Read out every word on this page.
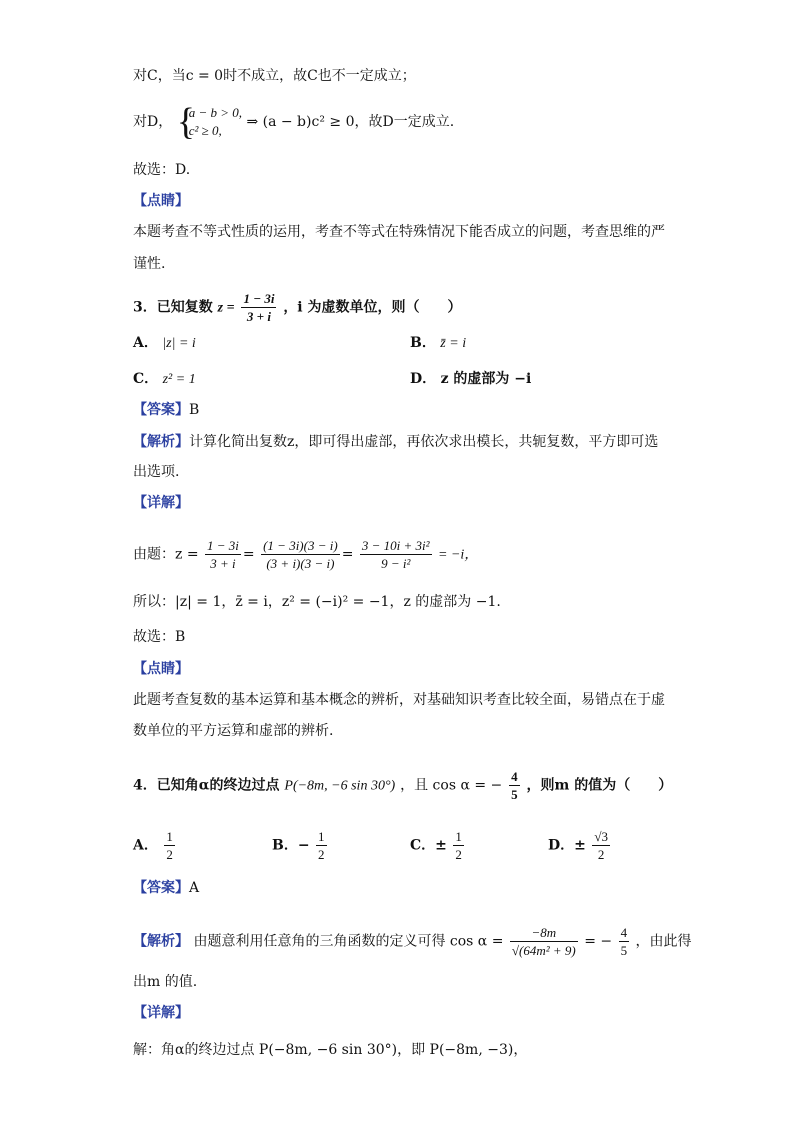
对C，当c = 0时不成立，故C也不一定成立；
对D， {
a − b > 0,
c² ≥ 0,
⇒ (a − b)c² ≥ 0，故D一定成立.
故选：D.
【点睛】
本题考查不等式性质的运用，考查不等式在特殊情况下能否成立的问题，考查思维的严
谨性.
3．已知复数 $z = \frac{1 - 3i}{3 + i}$ ，i 为虚数单位，则（　　）
A． |z| = i	B． z̄ = i
C． z² = 1	D． z 的虚部为 −i
【答案】B
【解析】计算化简出复数z，即可得出虚部，再依次求出模长，共轭复数，平方即可选
出选项.
【详解】
由题：$z = \frac{1 - 3i}{3 + i} = \frac{(1 - 3i)(3 - i)}{(3 + i)(3 - i)} = \frac{\text{3 − 10i + 3i²}}{\text{9 − i²}} = -i$，
所以：|z| = 1，z̄ = i，z² = (−i)² = −1，z 的虚部为 −1.
故选：B
【点睛】
此题考查复数的基本运算和基本概念的辨析，对基础知识考查比较全面，易错点在于虚
数单位的平方运算和虚部的辨析.
4．已知角α的终边过点 P(−8m, −6 sin 30°) ，且 cos α = − $\frac{4}{5}$ ，则m 的值为（　　）
A． $\frac{1}{2}$	B．− $\frac{1}{2}$	C．± $\frac{1}{2}$	D．± $\frac{√3}{2}$
【答案】A
【解析】 由题意利用任意角的三角函数的定义可得 $\cos \alpha = \frac{-8m}{\text{√(64m² + 9)}}$ = − $\frac{4}{5}$ ，由此得
出m 的值.
【详解】
解：角α的终边过点 P(−8m, −6 sin 30°)，即 P(−8m, −3)，
